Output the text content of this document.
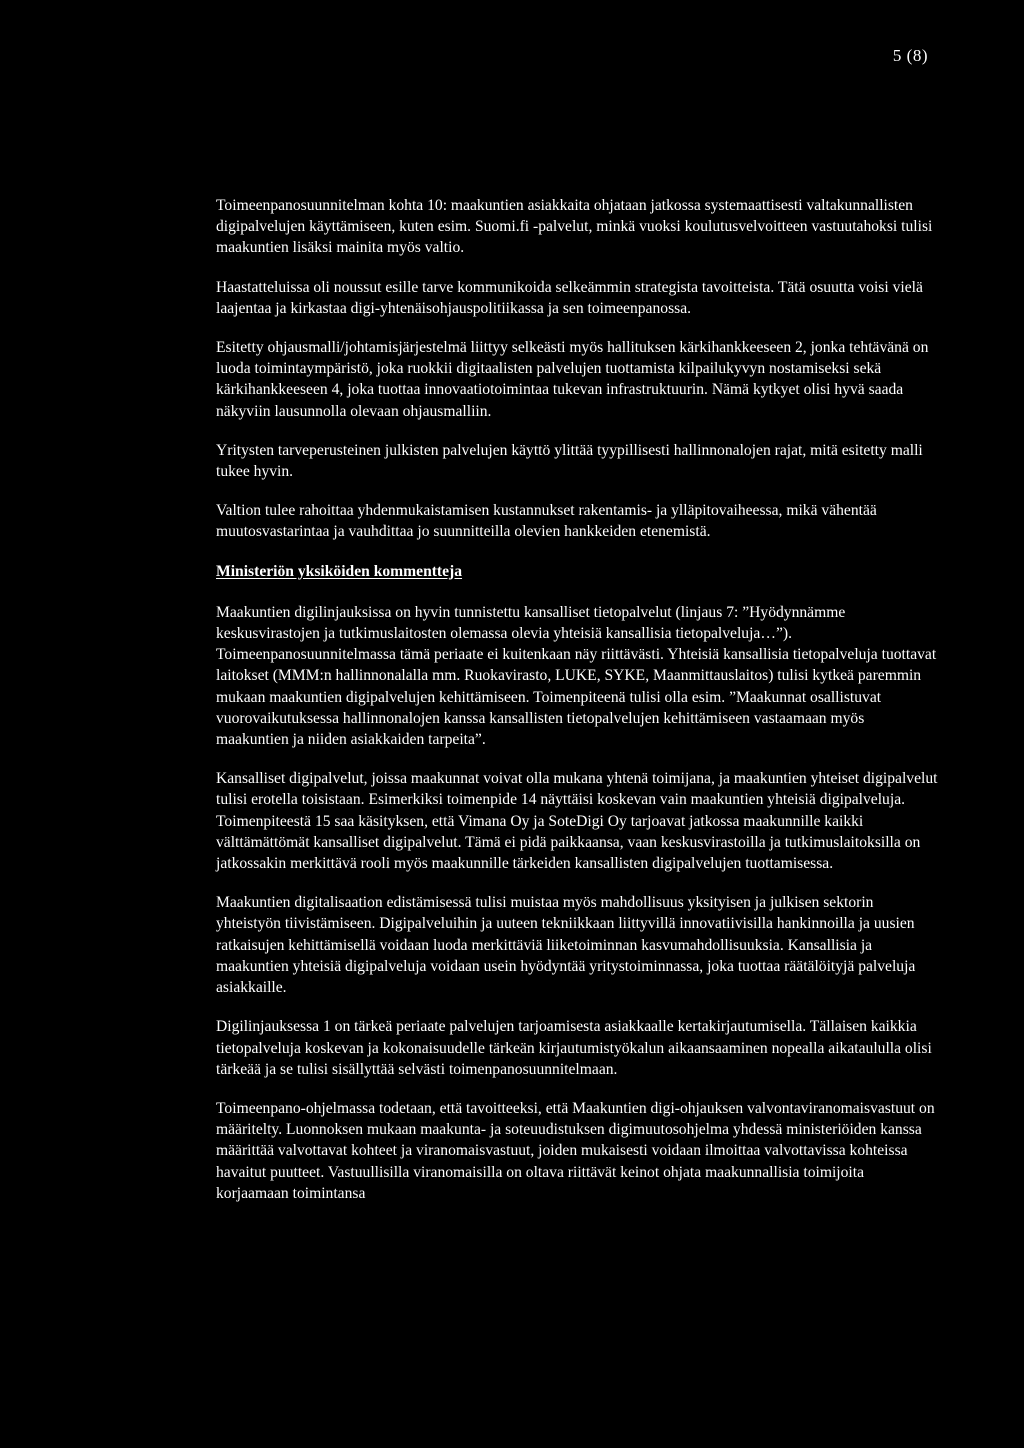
5 (8)

Toimeenpanosuunnitelman kohta 10: maakuntien asiakkaita ohjataan jatkossa systemaattisesti valtakunnallisten digipalvelujen käyttämiseen, kuten esim. Suomi.fi -palvelut, minkä vuoksi koulutusvelvoitteen vastuutahoksi tulisi maakuntien lisäksi mainita myös valtio.

Haastatteluissa oli noussut esille tarve kommunikoida selkeämmin strategista tavoitteista. Tätä osuutta voisi vielä laajentaa ja kirkastaa digi-yhtenäisohjauspolitiikassa ja sen toimeenpanossa.

Esitetty ohjausmalli/johtamisjärjestelmä liittyy selkeästi myös hallituksen kärkihankkeeseen 2, jonka tehtävänä on luoda toimintaympäristö, joka ruokkii digitaalisten palvelujen tuottamista kilpailukyvyn nostamiseksi sekä kärkihankkeeseen 4, joka tuottaa innovaatiotoimintaa tukevan infrastruktuurin. Nämä kytkyet olisi hyvä saada näkyviin lausunnolla olevaan ohjausmalliin.

Yritysten tarveperusteinen julkisten palvelujen käyttö ylittää tyypillisesti hallinnonalojen rajat, mitä esitetty malli tukee hyvin.

Valtion tulee rahoittaa yhdenmukaistamisen kustannukset rakentamis- ja ylläpitovaiheessa, mikä vähentää muutosvastarintaa ja vauhdittaa jo suunnitteilla olevien hankkeiden etenemistä.

Ministeriön yksiköiden kommentteja

Maakuntien digilinjauksissa on hyvin tunnistettu kansalliset tietopalvelut (linjaus 7: ”Hyödynnämme keskusvirastojen ja tutkimuslaitosten olemassa olevia yhteisiä kansallisia tietopalveluja…”). Toimeenpanosuunnitelmassa tämä periaate ei kuitenkaan näy riittävästi. Yhteisiä kansallisia tietopalveluja tuottavat laitokset (MMM:n hallinnonalalla mm. Ruokavirasto, LUKE, SYKE, Maanmittauslaitos) tulisi kytkeä paremmin mukaan maakuntien digipalvelujen kehittämiseen. Toimenpiteenä tulisi olla esim. ”Maakunnat osallistuvat vuorovaikutuksessa hallinnonalojen kanssa kansallisten tietopalvelujen kehittämiseen vastaamaan myös maakuntien ja niiden asiakkaiden tarpeita”.

Kansalliset digipalvelut, joissa maakunnat voivat olla mukana yhtenä toimijana, ja maakuntien yhteiset digipalvelut tulisi erotella toisistaan. Esimerkiksi toimenpide 14 näyttäisi koskevan vain maakuntien yhteisiä digipalveluja. Toimenpiteestä 15 saa käsityksen, että Vimana Oy ja SoteDigi Oy tarjoavat jatkossa maakunnille kaikki välttämättömät kansalliset digipalvelut. Tämä ei pidä paikkaansa, vaan keskusvirastoilla ja tutkimuslaitoksilla on jatkossakin merkittävä rooli myös maakunnille tärkeiden kansallisten digipalvelujen tuottamisessa.

Maakuntien digitalisaation edistämisessä tulisi muistaa myös mahdollisuus yksityisen ja julkisen sektorin yhteistyön tiivistämiseen. Digipalveluihin ja uuteen tekniikkaan liittyvillä innovatiivisilla hankinnoilla ja uusien ratkaisujen kehittämisellä voidaan luoda merkittäviä liiketoiminnan kasvumahdollisuuksia. Kansallisia ja maakuntien yhteisiä digipalveluja voidaan usein hyödyntää yritystoiminnassa, joka tuottaa räätälöityjä palveluja asiakkaille.

Digilinjauksessa 1 on tärkeä periaate palvelujen tarjoamisesta asiakkaalle kertakirjautumisella. Tällaisen kaikkia tietopalveluja koskevan ja kokonaisuudelle tärkeän kirjautumistyökalun aikaansaaminen nopealla aikataululla olisi tärkeää ja se tulisi sisällyttää selvästi toimenpanosuunnitelmaan.

Toimeenpano-ohjelmassa todetaan, että tavoitteeksi, että Maakuntien digi-ohjauksen valvontaviranomaisvastuut on määritelty. Luonnoksen mukaan maakunta- ja soteuudistuksen digimuutosohjelma yhdessä ministeriöiden kanssa määrittää valvottavat kohteet ja viranomaisvastuut, joiden mukaisesti voidaan ilmoittaa valvottavissa kohteissa havaitut puutteet. Vastuullisilla viranomaisilla on oltava riittävät keinot ohjata maakunnallisia toimijoita korjaamaan toimintansa
